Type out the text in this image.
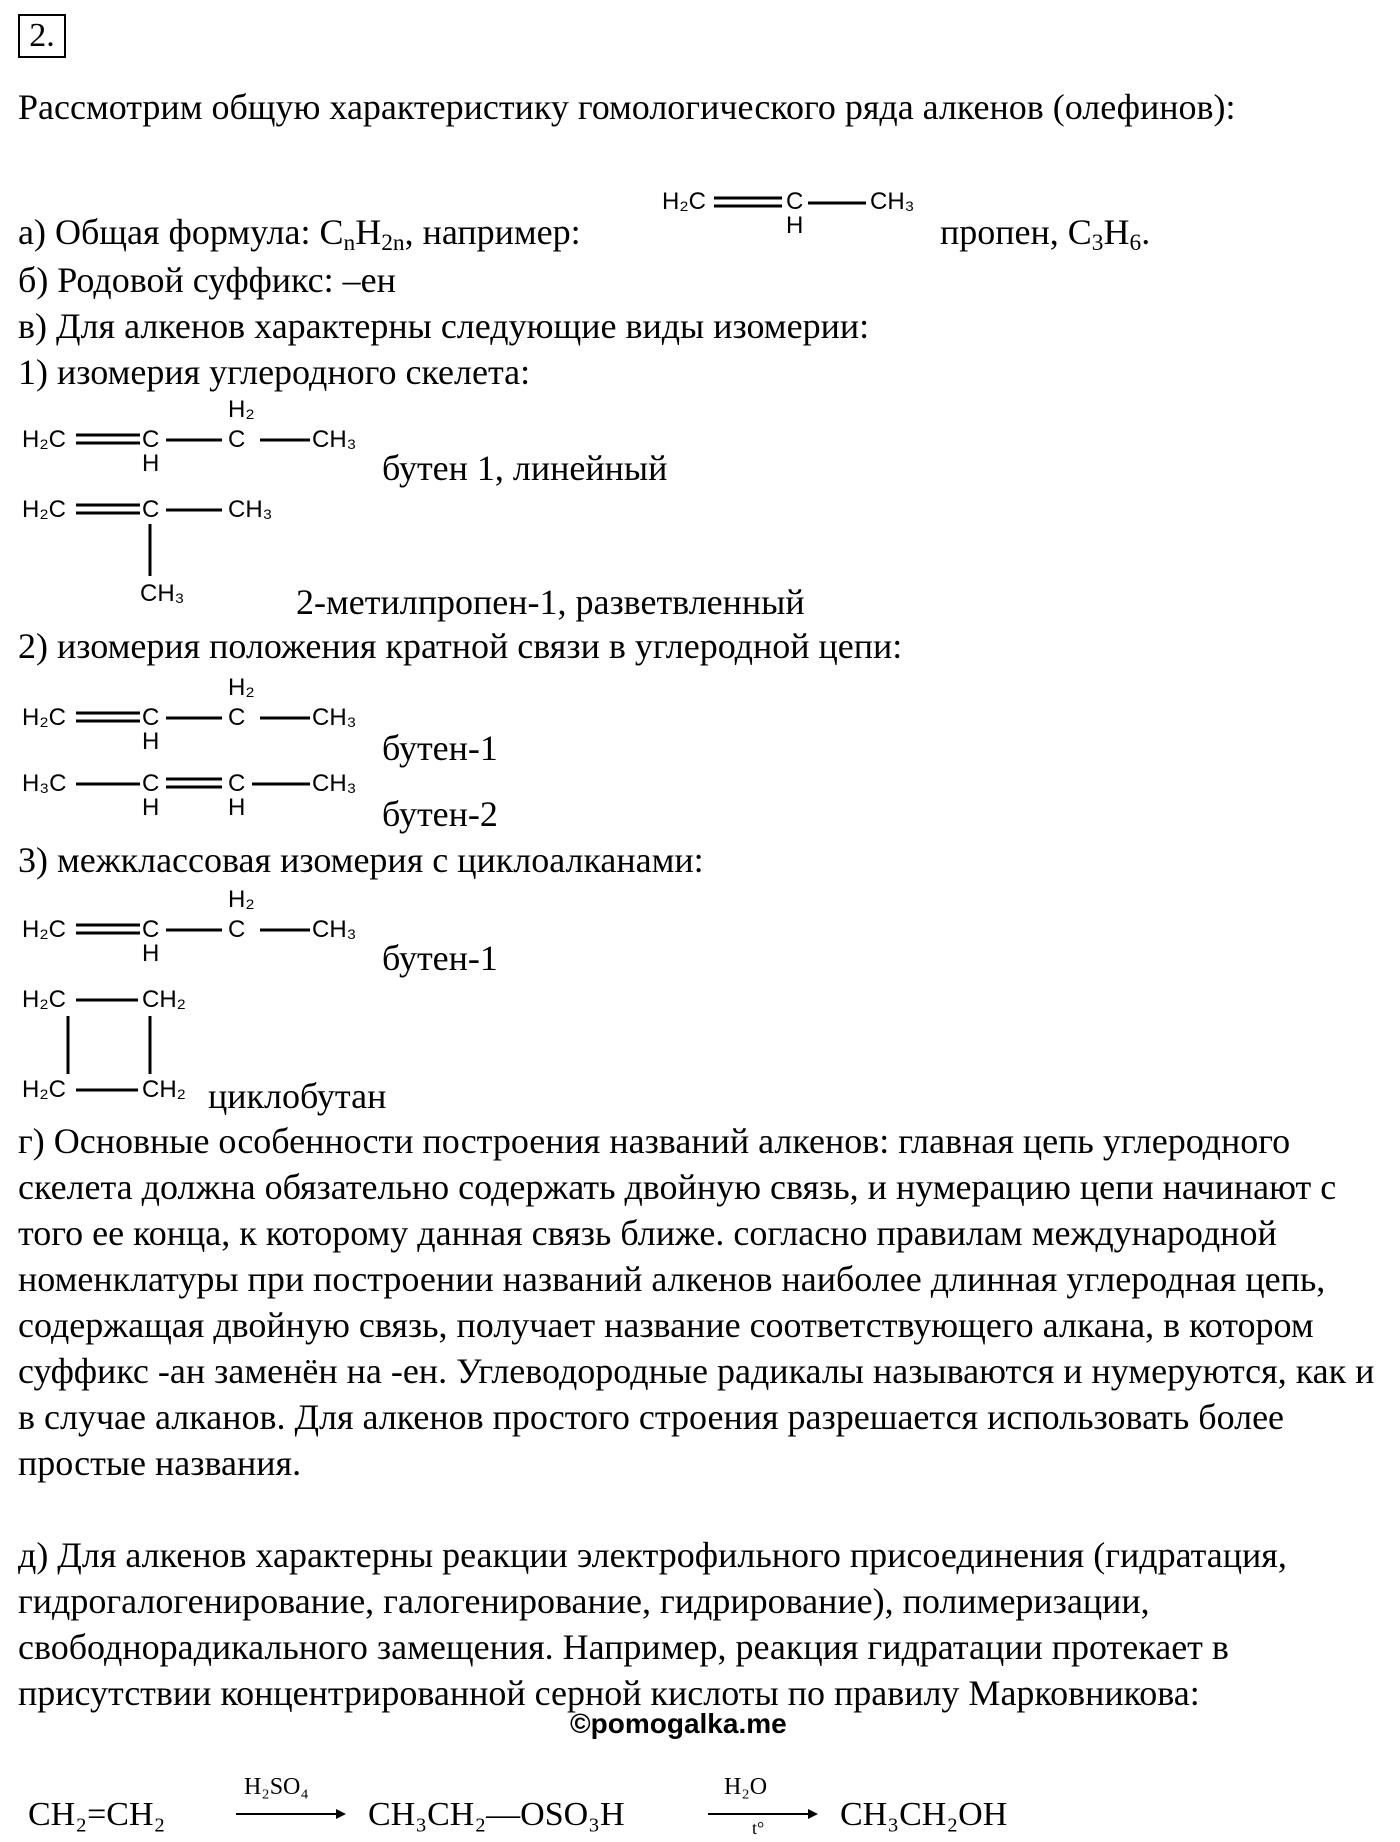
2.
Рассмотрим общую характеристику гомологического ряда алкенов (олефинов):
а) Общая формула: $C_nH_{2n}$, например:
H₂C	C
H
CH₃
пропен, $C_3H_6$.
б) Родовой суффикс: –ен
в) Для алкенов характерны следующие виды изомерии:
1) изомерия углеродного скелета:
H₂
H₂C	C
H
C	CH₃
бутен 1, линейный
H₂C	C	CH₃
CH₃	2-метилпропен-1, разветвленный
2) изомерия положения кратной связи в углеродной цепи:
H₂
H₂C	C
H
C	CH₃
бутен-1
H₃C	C
H
C
H
CH₃
бутен-2
3) межклассовая изомерия с циклоалканами:
H₂
H₂C	C
H
C	CH₃
бутен-1
H₂C	CH₂
H₂C	CH₂ циклобутан
г) Основные особенности построения названий алкенов: главная цепь углеродного скелета должна обязательно содержать двойную связь, и нумерацию цепи начинают с того ее конца, к которому данная связь ближе. согласно правилам международной номенклатуры при построении названий алкенов наиболее длинная углеродная цепь, содержащая двойную связь, получает название соответствующего алкана, в котором суффикс -ан заменён на -ен. Углеводородные радикалы называются и нумеруются, как и в случае алканов. Для алкенов простого строения разрешается использовать более простые названия.
д) Для алкенов характерны реакции электрофильного присоединения (гидратация, гидрогалогенирование, галогенирование, гидрирование), полимеризации, свободнорадикального замещения. Например, реакция гидратации протекает в присутствии концентрированной серной кислоты по правилу Марковникова:
©pomogalka.me
CH₂=CH₂
H₂SO₄
CH₃CH₂—OSO₃H
H₂O
t° CH₃CH₂OH
